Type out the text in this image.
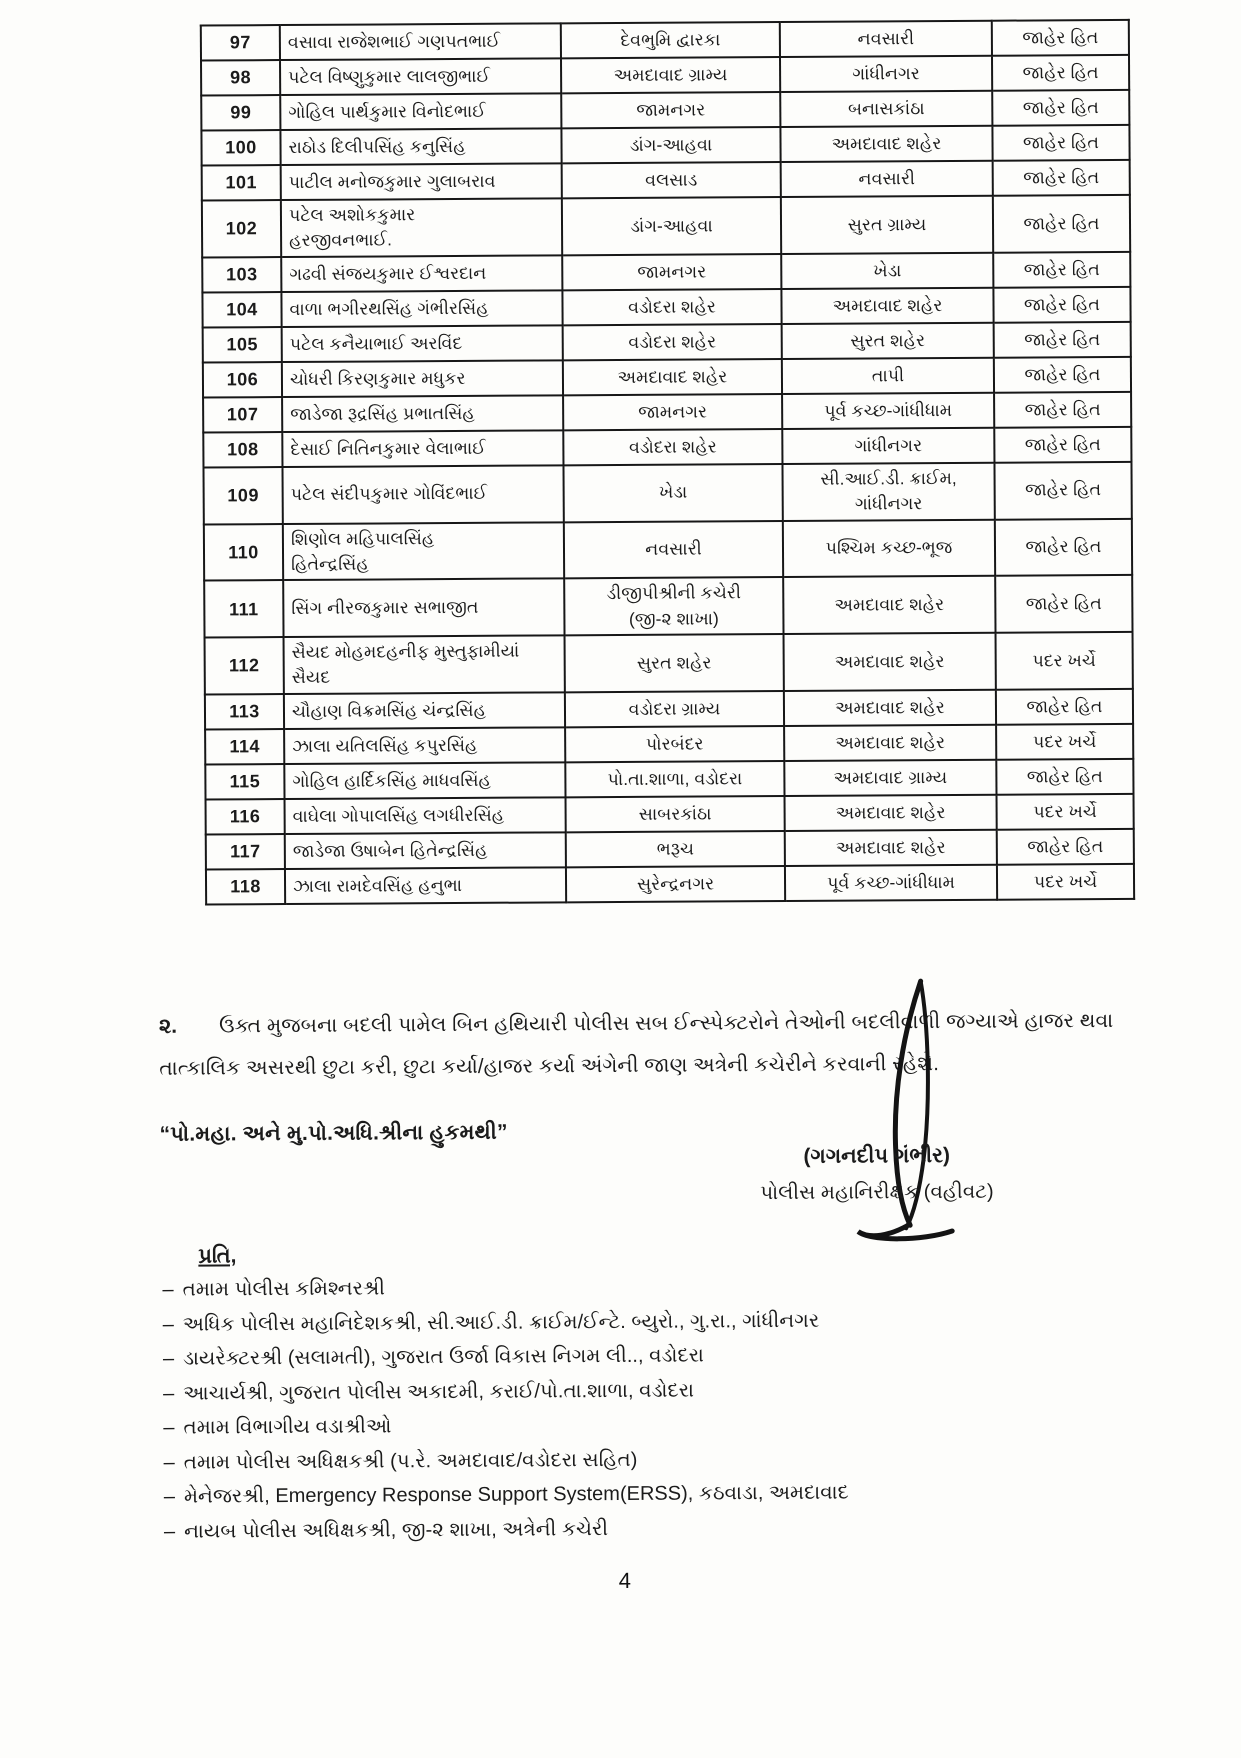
97	વસાવા રાજેશભાઈ ગણપતભાઈ	દેવભુમિ દ્વારકા	નવસારી	જાહેર હિત
98	પટેલ વિષ્ણુકુમાર લાલજીભાઈ	અમદાવાદ ગ્રામ્ય	ગાંધીનગર	જાહેર હિત
99	ગોહિલ પાર્થકુમાર વિનોદભાઈ	જામનગર	બનાસકાંઠા	જાહેર હિત
100	રાઠોડ દિલીપસિંહ કનુસિંહ	ડાંગ-આહવા	અમદાવાદ શહેર	જાહેર હિત
101	પાટીલ મનોજકુમાર ગુલાબરાવ	વલસાડ	નવસારી	જાહેર હિત
102	પટેલ અશોકકુમાર
હરજીવનભાઈ.	ડાંગ-આહવા	સુરત ગ્રામ્ય	જાહેર હિત
103	ગઢવી સંજયકુમાર ઈશ્વરદાન	જામનગર	ખેડા	જાહેર હિત
104	વાળા ભગીરથસિંહ ગંભીરસિંહ	વડોદરા શહેર	અમદાવાદ શહેર	જાહેર હિત
105	પટેલ કનૈયાભાઈ અરવિંદ	વડોદરા શહેર	સુરત શહેર	જાહેર હિત
106	ચોધરી કિરણકુમાર મધુકર	અમદાવાદ શહેર	તાપી	જાહેર હિત
107	જાડેજા રૂદ્રસિંહ પ્રભાતસિંહ	જામનગર	પૂર્વ કચ્છ-ગાંધીધામ	જાહેર હિત
108	દેસાઈ નિતિનકુમાર વેલાભાઈ	વડોદરા શહેર	ગાંધીનગર	જાહેર હિત
109	પટેલ સંદીપકુમાર ગોવિંદભાઈ	ખેડા	સી.આઈ.ડી. ક્રાઈમ,
ગાંધીનગર	જાહેર હિત
110	શિણોલ મહિપાલસિંહ
હિતેન્દ્રસિંહ	નવસારી	પશ્ચિમ કચ્છ-ભૂજ	જાહેર હિત
111	સિંગ નીરજકુમાર સભાજીત	ડીજીપીશ્રીની કચેરી
(જી-૨ શાખા)	અમદાવાદ શહેર	જાહેર હિત
112	સૈયદ મોહમદહનીફ મુસ્તુફામીયાં
સૈયદ	સુરત શહેર	અમદાવાદ શહેર	પદર ખર્ચે
113	ચૌહાણ વિક્રમસિંહ ચંન્દ્રસિંહ	વડોદરા ગ્રામ્ય	અમદાવાદ શહેર	જાહેર હિત
114	ઝાલા યતિલસિંહ કપુરસિંહ	પોરબંદર	અમદાવાદ શહેર	પદર ખર્ચે
115	ગોહિલ હાર્દિકસિંહ માધવસિંહ	પો.તા.શાળા, વડોદરા	અમદાવાદ ગ્રામ્ય	જાહેર હિત
116	વાઘેલા ગોપાલસિંહ લગધીરસિંહ	સાબરકાંઠા	અમદાવાદ શહેર	પદર ખર્ચે
117	જાડેજા ઉષાબેન હિતેન્દ્રસિંહ	ભરૂચ	અમદાવાદ શહેર	જાહેર હિત
118	ઝાલા રામદેવસિંહ હનુભા	સુરેન્દ્રનગર	પૂર્વ કચ્છ-ગાંધીધામ	પદર ખર્ચે
૨. ઉક્ત મુજબના બદલી પામેલ બિન હથિયારી પોલીસ સબ ઈન્સ્પેક્ટરોને તેઓની બદલીવાળી જગ્યાએ હાજર થવા તાત્કાલિક અસરથી છુટા કરી, છુટા કર્યા/હાજર કર્યા અંગેની જાણ અત્રેની કચેરીને કરવાની રહેશે.
“પો.મહા. અને મુ.પો.અધિ.શ્રીના હુકમથી”
(ગગનદીપ ગંભીર)
પોલીસ મહાનિરીક્ષક (વહીવટ)
પ્રતિ,
– તમામ પોલીસ કમિશ્નરશ્રી
– અધિક પોલીસ મહાનિદેશકશ્રી, સી.આઈ.ડી. ક્રાઈમ/ઈન્ટે. બ્યુરો., ગુ.રા., ગાંધીનગર
– ડાયરેક્ટરશ્રી (સલામતી), ગુજરાત ઉર્જા વિકાસ નિગમ લી.., વડોદરા
– આચાર્યશ્રી, ગુજરાત પોલીસ અકાદમી, કરાઈ/પો.તા.શાળા, વડોદરા
– તમામ વિભાગીય વડાશ્રીઓ
– તમામ પોલીસ અધિક્ષકશ્રી (પ.રે. અમદાવાદ/વડોદરા સહિત)
– મેનેજરશ્રી, Emergency Response Support System(ERSS), કઠવાડા, અમદાવાદ
– નાયબ પોલીસ અધિક્ષકશ્રી, જી-૨ શાખા, અત્રેની કચેરી
4
